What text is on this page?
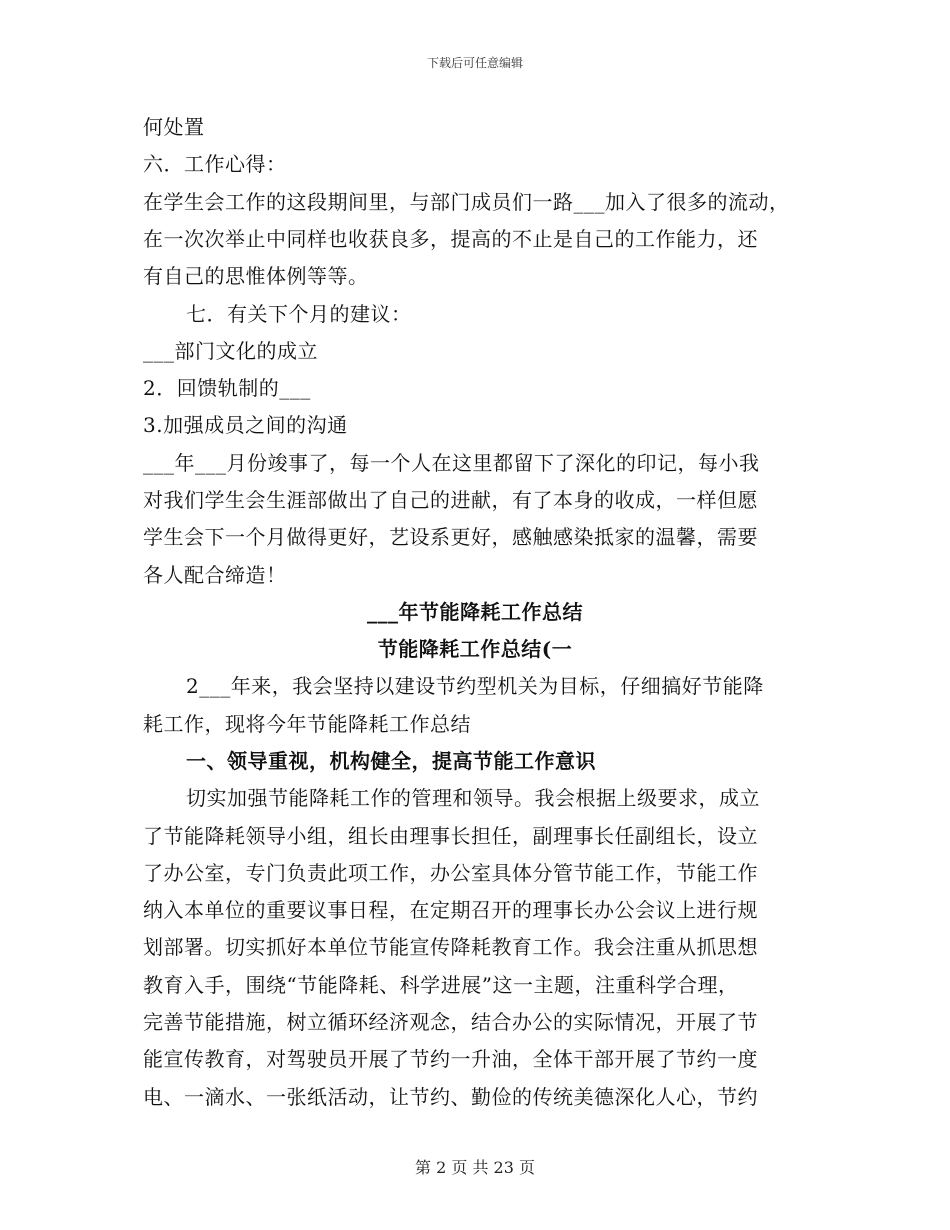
下载后可任意编辑
何处置
六．工作心得：
在学生会工作的这段期间里，与部门成员们一路___加入了很多的流动，
在一次次举止中同样也收获良多，提高的不止是自己的工作能力，还
有自己的思惟体例等等。
七．有关下个月的建议：
___部门文化的成立
2．回馈轨制的___
3.加强成员之间的沟通
___年___月份竣事了，每一个人在这里都留下了深化的印记，每小我
对我们学生会生涯部做出了自己的进献，有了本身的收成，一样但愿
学生会下一个月做得更好，艺设系更好，感触感染抵家的温馨，需要
各人配合缔造！
___年节能降耗工作总结
节能降耗工作总结(一
2___年来，我会坚持以建设节约型机关为目标，仔细搞好节能降
耗工作，现将今年节能降耗工作总结
一、领导重视，机构健全，提高节能工作意识
切实加强节能降耗工作的管理和领导。我会根据上级要求，成立
了节能降耗领导小组，组长由理事长担任，副理事长任副组长，设立
了办公室，专门负责此项工作，办公室具体分管节能工作，节能工作
纳入本单位的重要议事日程，在定期召开的理事长办公会议上进行规
划部署。切实抓好本单位节能宣传降耗教育工作。我会注重从抓思想
教育入手，围绕“节能降耗、科学进展”这一主题，注重科学合理，
完善节能措施，树立循环经济观念，结合办公的实际情况，开展了节
能宣传教育，对驾驶员开展了节约一升油，全体干部开展了节约一度
电、一滴水、一张纸活动，让节约、勤俭的传统美德深化人心，节约
第 2 页 共 23 页
